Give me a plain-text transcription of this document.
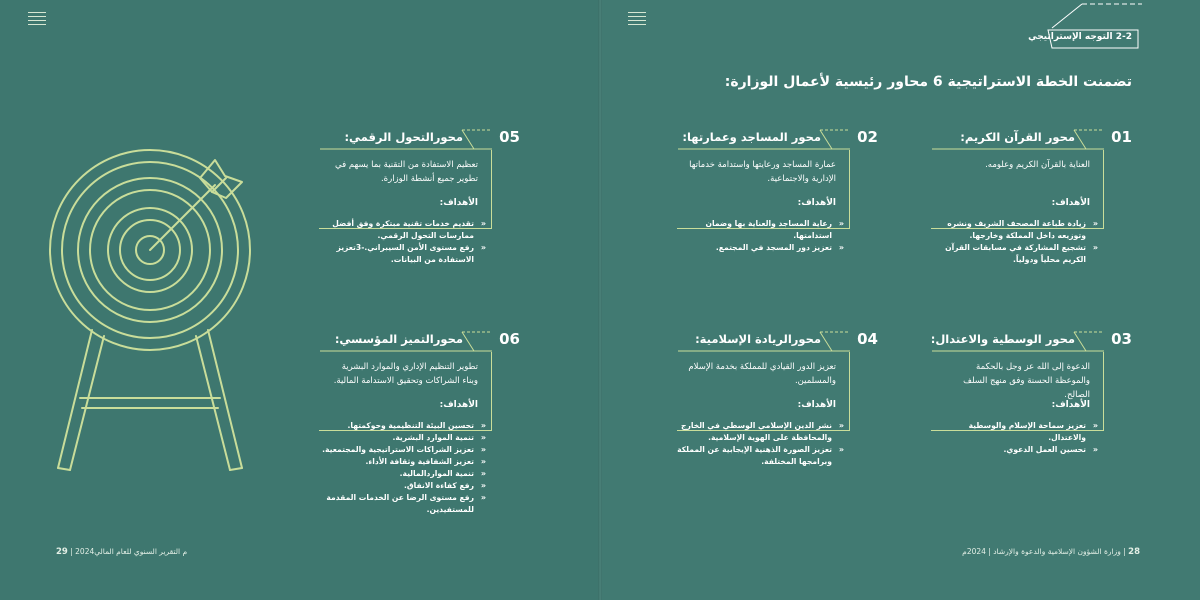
2-2 التوجه الإستراتيجي
تضمنت الخطة الاستراتيجية 6 محاور رئيسية لأعمال الوزارة:
01
محور القرآن الكريم:
العناية بالقرآن الكريم وعلومه.
الأهداف:
«
زيادة طباعة المصحف الشريف ونشره وتوزيعه داخل المملكة وخارجها.
«
تشجيع المشاركة في مسابقات القرآن الكريم محلياً ودولياً.
02
محور المساجد وعمارتها:
عمارة المساجد ورعايتها واستدامة خدماتها الإدارية والاجتماعية.
الأهداف:
«
رعاية المساجد والعناية بها وضمان استدامتها.
«
تعزيز دور المسجد في المجتمع.
03
محور الوسطية والاعتدال:
الدعوة إلى الله عز وجل بالحكمة والموعظة الحسنة وفق منهج السلف الصالح.
الأهداف:
«
تعزيز سماحة الإسلام والوسطية والاعتدال.
«
تحسين العمل الدعوي.
04
محورالريادة الإسلامية:
تعزيز الدور القيادي للمملكة بخدمة الإسلام والمسلمين.
الأهداف:
«
نشر الدين الإسلامي الوسطي في الخارج والمحافظة على الهوية الإسلامية.
«
تعزيز الصورة الذهنية الإيجابية عن المملكة وبرامجها المختلفة.
05
محورالتحول الرقمي:
تعظيم الاستفادة من التقنية بما يسهم في تطوير جميع أنشطة الوزارة.
الأهداف:
«
تقديم خدمات تقنية مبتكرة وفق أفضل ممارسات التحول الرقمي.
«
رفع مستوى الأمن السيبراني.-3تعزيز الاستفادة من البيانات.
06
محورالتميز المؤسسي:
تطوير التنظيم الإداري والموارد البشرية وبناء الشراكات وتحقيق الاستدامة المالية.
الأهداف:
«
تحسين البيئة التنظيمية وحوكمتها.
«
تنمية الموارد البشرية.
«
تعزيز الشراكات الاستراتيجية والمجتمعية.
«
تعزيز الشفافية وثقافة الأداء.
«
تنمية المواردالمالية.
«
رفع كفاءة الانفاق.
«
رفع مستوى الرضا عن الخدمات المقدمة للمستفيدين.
28 | وزارة الشؤون الإسلامية والدعوة والإرشاد | 2024م
29 | 2024م التقرير السنوي للعام المالي
